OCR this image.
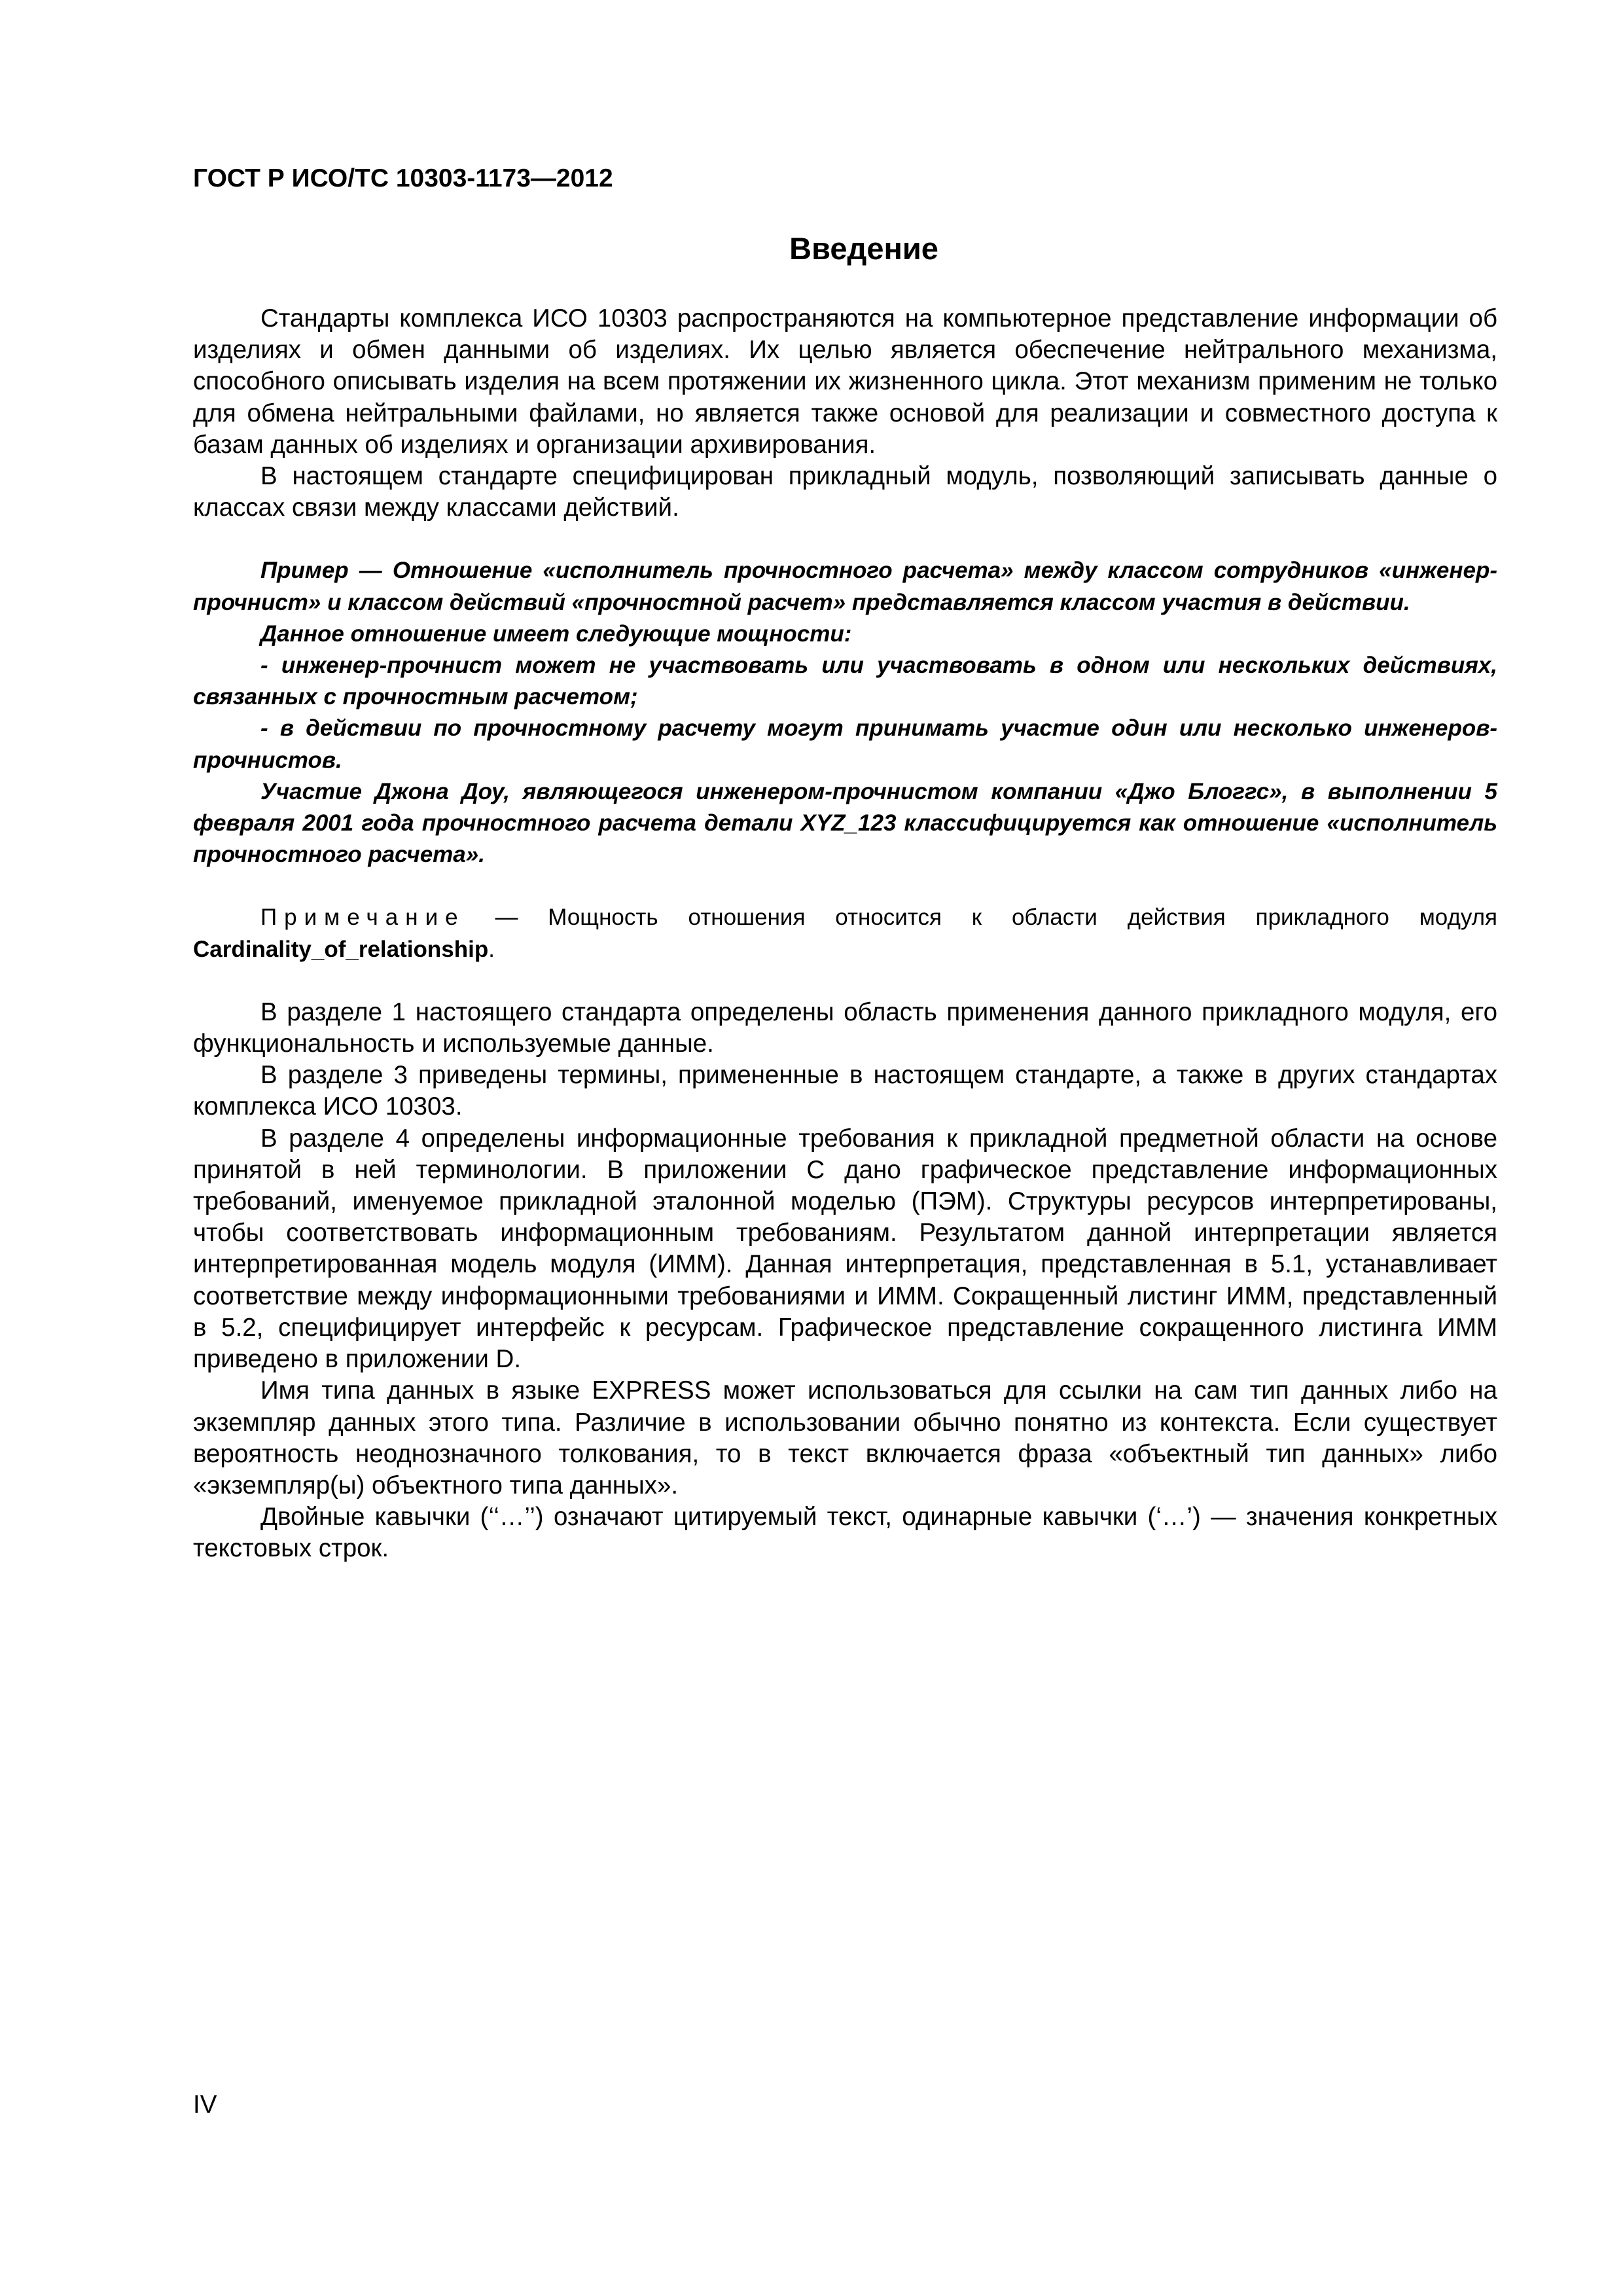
ГОСТ Р ИСО/ТС 10303-1173—2012
Введение

Стандарты комплекса ИСО 10303 распространяются на компьютерное представление информации об изделиях и обмен данными об изделиях. Их целью является обеспечение нейтрального механизма, способного описывать изделия на всем протяжении их жизненного цикла. Этот механизм применим не только для обмена нейтральными файлами, но является также основой для реализации и совместного доступа к базам данных об изделиях и организации архивирования.

В настоящем стандарте специфицирован прикладный модуль, позволяющий записывать данные о классах связи между классами действий.

Пример — Отношение «исполнитель прочностного расчета» между классом сотрудников «инженер-прочнист» и классом действий «прочностной расчет» представляется классом участия в действии.

Данное отношение имеет следующие мощности:

- инженер-прочнист может не участвовать или участвовать в одном или нескольких действиях, связанных с прочностным расчетом;

- в действии по прочностному расчету могут принимать участие один или несколько инженеров-прочнистов.

Участие Джона Доу, являющегося инженером-прочнистом компании «Джо Блоггс», в выполнении 5 февраля 2001 года прочностного расчета детали XYZ_123 классифицируется как отношение «исполнитель прочностного расчета».

Примечание — Мощность отношения относится к области действия прикладного модуля Cardinality_of_relationship.

В разделе 1 настоящего стандарта определены область применения данного прикладного модуля, его функциональность и используемые данные.

В разделе 3 приведены термины, примененные в настоящем стандарте, а также в других стандартах комплекса ИСО 10303.

В разделе 4 определены информационные требования к прикладной предметной области на основе принятой в ней терминологии. В приложении С дано графическое представление информационных требований, именуемое прикладной эталонной моделью (ПЭМ). Структуры ресурсов интерпретированы, чтобы соответствовать информационным требованиям. Результатом данной интерпретации является интерпретированная модель модуля (ИММ). Данная интерпретация, представленная в 5.1, устанавливает соответствие между информационными требованиями и ИММ. Сокращенный листинг ИММ, представленный в 5.2, специфицирует интерфейс к ресурсам. Графическое представление сокращенного листинга ИММ приведено в приложении D.

Имя типа данных в языке EXPRESS может использоваться для ссылки на сам тип данных либо на экземпляр данных этого типа. Различие в использовании обычно понятно из контекста. Если существует вероятность неоднозначного толкования, то в текст включается фраза «объектный тип данных» либо «экземпляр(ы) объектного типа данных».

Двойные кавычки (‘‘…’’) означают цитируемый текст, одинарные кавычки (‘…’) — значения конкретных текстовых строк.

IV
